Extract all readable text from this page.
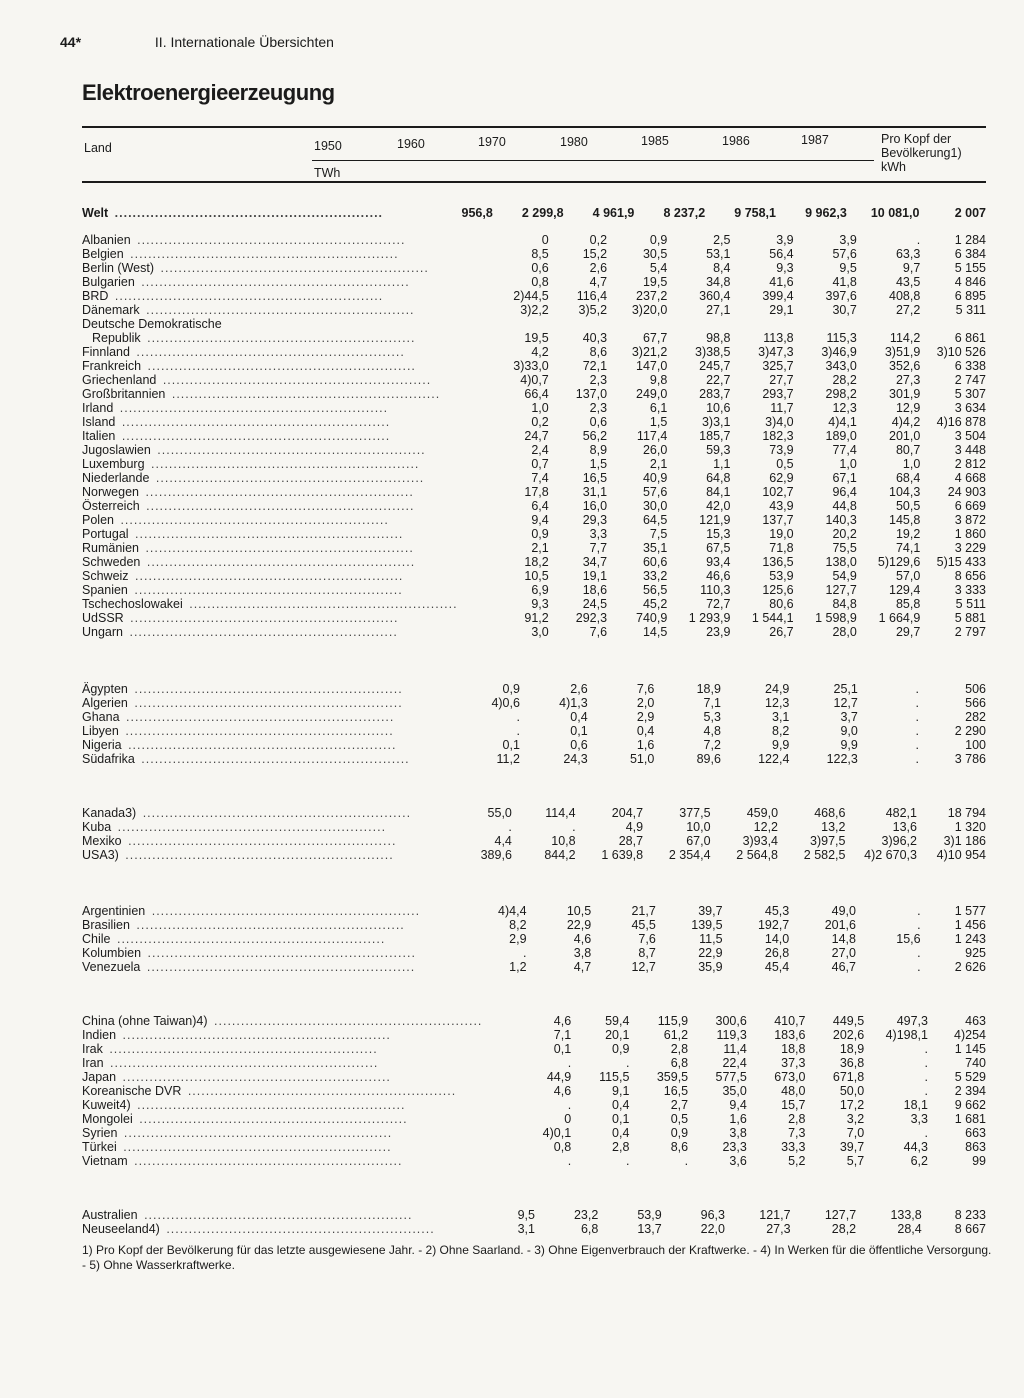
44*	II. Internationale Übersichten
Elektroenergieerzeugung
Land	1950	1960	1970	1980	1985	1986	1987	Pro Kopf der
Bevölkerung1)
TWh	kWh
Welt ............................................................	956,8	2 299,8	4 961,9	8 237,2	9 758,1	9 962,3	10 081,0	2 007
Albanien ............................................................	0	0,2	0,9	2,5	3,9	3,9	.	1 284
Belgien ............................................................	8,5	15,2	30,5	53,1	56,4	57,6	63,3	6 384
Berlin (West) ............................................................	0,6	2,6	5,4	8,4	9,3	9,5	9,7	5 155
Bulgarien ............................................................	0,8	4,7	19,5	34,8	41,6	41,8	43,5	4 846
BRD ............................................................	2)44,5	116,4	237,2	360,4	399,4	397,6	408,8	6 895
Dänemark ............................................................	3)2,2	3)5,2	3)20,0	27,1	29,1	30,7	27,2	5 311
Deutsche Demokratische								
Republik ............................................................	19,5	40,3	67,7	98,8	113,8	115,3	114,2	6 861
Finnland ............................................................	4,2	8,6	3)21,2	3)38,5	3)47,3	3)46,9	3)51,9	3)10 526
Frankreich ............................................................	3)33,0	72,1	147,0	245,7	325,7	343,0	352,6	6 338
Griechenland ............................................................	4)0,7	2,3	9,8	22,7	27,7	28,2	27,3	2 747
Großbritannien ............................................................	66,4	137,0	249,0	283,7	293,7	298,2	301,9	5 307
Irland ............................................................	1,0	2,3	6,1	10,6	11,7	12,3	12,9	3 634
Island ............................................................	0,2	0,6	1,5	3)3,1	3)4,0	4)4,1	4)4,2	4)16 878
Italien ............................................................	24,7	56,2	117,4	185,7	182,3	189,0	201,0	3 504
Jugoslawien ............................................................	2,4	8,9	26,0	59,3	73,9	77,4	80,7	3 448
Luxemburg ............................................................	0,7	1,5	2,1	1,1	0,5	1,0	1,0	2 812
Niederlande ............................................................	7,4	16,5	40,9	64,8	62,9	67,1	68,4	4 668
Norwegen ............................................................	17,8	31,1	57,6	84,1	102,7	96,4	104,3	24 903
Österreich ............................................................	6,4	16,0	30,0	42,0	43,9	44,8	50,5	6 669
Polen ............................................................	9,4	29,3	64,5	121,9	137,7	140,3	145,8	3 872
Portugal ............................................................	0,9	3,3	7,5	15,3	19,0	20,2	19,2	1 860
Rumänien ............................................................	2,1	7,7	35,1	67,5	71,8	75,5	74,1	3 229
Schweden ............................................................	18,2	34,7	60,6	93,4	136,5	138,0	5)129,6	5)15 433
Schweiz ............................................................	10,5	19,1	33,2	46,6	53,9	54,9	57,0	8 656
Spanien ............................................................	6,9	18,6	56,5	110,3	125,6	127,7	129,4	3 333
Tschechoslowakei ............................................................	9,3	24,5	45,2	72,7	80,6	84,8	85,8	5 511
UdSSR ............................................................	91,2	292,3	740,9	1 293,9	1 544,1	1 598,9	1 664,9	5 881
Ungarn ............................................................	3,0	7,6	14,5	23,9	26,7	28,0	29,7	2 797
Ägypten ............................................................	0,9	2,6	7,6	18,9	24,9	25,1	.	506
Algerien ............................................................	4)0,6	4)1,3	2,0	7,1	12,3	12,7	.	566
Ghana ............................................................	.	0,4	2,9	5,3	3,1	3,7	.	282
Libyen ............................................................	.	0,1	0,4	4,8	8,2	9,0	.	2 290
Nigeria ............................................................	0,1	0,6	1,6	7,2	9,9	9,9	.	100
Südafrika ............................................................	11,2	24,3	51,0	89,6	122,4	122,3	.	3 786
Kanada3) ............................................................	55,0	114,4	204,7	377,5	459,0	468,6	482,1	18 794
Kuba ............................................................	.	.	4,9	10,0	12,2	13,2	13,6	1 320
Mexiko ............................................................	4,4	10,8	28,7	67,0	3)93,4	3)97,5	3)96,2	3)1 186
USA3) ............................................................	389,6	844,2	1 639,8	2 354,4	2 564,8	2 582,5	4)2 670,3	4)10 954
Argentinien ............................................................	4)4,4	10,5	21,7	39,7	45,3	49,0	.	1 577
Brasilien ............................................................	8,2	22,9	45,5	139,5	192,7	201,6	.	1 456
Chile ............................................................	2,9	4,6	7,6	11,5	14,0	14,8	15,6	1 243
Kolumbien ............................................................	.	3,8	8,7	22,9	26,8	27,0	.	925
Venezuela ............................................................	1,2	4,7	12,7	35,9	45,4	46,7	.	2 626
China (ohne Taiwan)4) ............................................................	4,6	59,4	115,9	300,6	410,7	449,5	497,3	463
Indien ............................................................	7,1	20,1	61,2	119,3	183,6	202,6	4)198,1	4)254
Irak ............................................................	0,1	0,9	2,8	11,4	18,8	18,9	.	1 145
Iran ............................................................	.	.	6,8	22,4	37,3	36,8	.	740
Japan ............................................................	44,9	115,5	359,5	577,5	673,0	671,8	.	5 529
Koreanische DVR ............................................................	4,6	9,1	16,5	35,0	48,0	50,0	.	2 394
Kuweit4) ............................................................	.	0,4	2,7	9,4	15,7	17,2	18,1	9 662
Mongolei ............................................................	0	0,1	0,5	1,6	2,8	3,2	3,3	1 681
Syrien ............................................................	4)0,1	0,4	0,9	3,8	7,3	7,0	.	663
Türkei ............................................................	0,8	2,8	8,6	23,3	33,3	39,7	44,3	863
Vietnam ............................................................	.	.	.	3,6	5,2	5,7	6,2	99
Australien ............................................................	9,5	23,2	53,9	96,3	121,7	127,7	133,8	8 233
Neuseeland4) ............................................................	3,1	6,8	13,7	22,0	27,3	28,2	28,4	8 667
1) Pro Kopf der Bevölkerung für das letzte ausgewiesene Jahr. - 2) Ohne Saarland. - 3) Ohne Eigenverbrauch der Kraftwerke. - 4) In Werken für die öffentliche Versorgung. - 5) Ohne Wasserkraftwerke.
